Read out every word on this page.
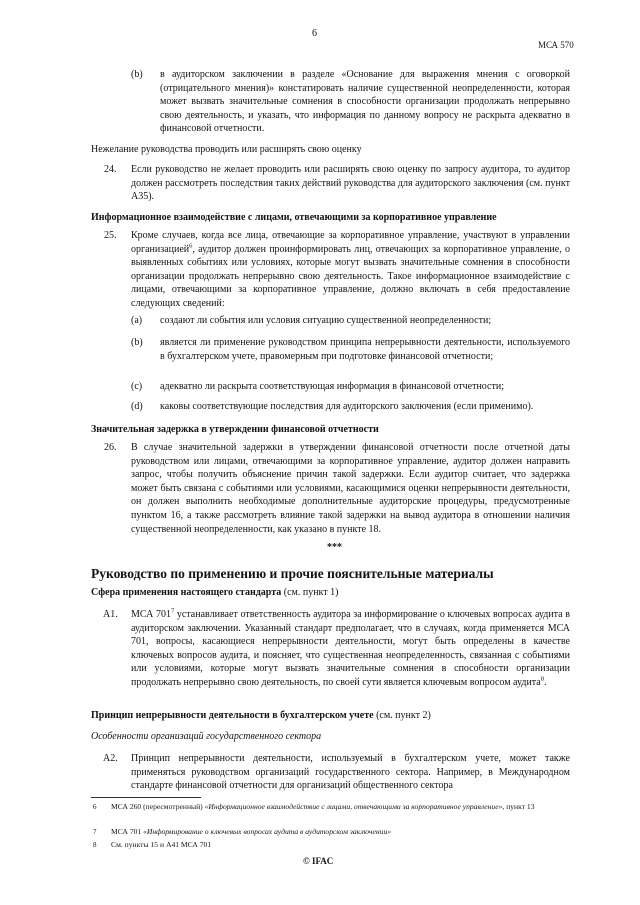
6
МСА 570
(b) в аудиторском заключении в разделе «Основание для выражения мнения с оговоркой (отрицательного мнения)» констатировать наличие существенной неопределенности, которая может вызвать значительные сомнения в способности организации продолжать непрерывно свою деятельность, и указать, что информация по данному вопросу не раскрыта адекватно в финансовой отчетности.
Нежелание руководства проводить или расширять свою оценку
24. Если руководство не желает проводить или расширять свою оценку по запросу аудитора, то аудитор должен рассмотреть последствия таких действий руководства для аудиторского заключения (см. пункт А35).
Информационное взаимодействие с лицами, отвечающими за корпоративное управление
25. Кроме случаев, когда все лица, отвечающие за корпоративное управление, участвуют в управлении организацией$^6$, аудитор должен проинформировать лиц, отвечающих за корпоративное управление, о выявленных событиях или условиях, которые могут вызвать значительные сомнения в способности организации продолжать непрерывно свою деятельность. Такое информационное взаимодействие с лицами, отвечающими за корпоративное управление, должно включать в себя предоставление следующих сведений:
(a) создают ли события или условия ситуацию существенной неопределенности;
(b) является ли применение руководством принципа непрерывности деятельности, используемого в бухгалтерском учете, правомерным при подготовке финансовой отчетности;
(c) адекватно ли раскрыта соответствующая информация в финансовой отчетности;
(d) каковы соответствующие последствия для аудиторского заключения (если применимо).
Значительная задержка в утверждении финансовой отчетности
26. В случае значительной задержки в утверждении финансовой отчетности после отчетной даты руководством или лицами, отвечающими за корпоративное управление, аудитор должен направить запрос, чтобы получить объяснение причин такой задержки. Если аудитор считает, что задержка может быть связана с событиями или условиями, касающимися оценки непрерывности деятельности, он должен выполнить необходимые дополнительные аудиторские процедуры, предусмотренные пунктом 16, а также рассмотреть влияние такой задержки на вывод аудитора в отношении наличия существенной неопределенности, как указано в пункте 18.
***
Руководство по применению и прочие пояснительные материалы
Сфера применения настоящего стандарта (см. пункт 1)
A1. МСА $701^7$ устанавливает ответственность аудитора за информирование о ключевых вопросах аудита в аудиторском заключении. Указанный стандарт предполагает, что в случаях, когда применяется МСА 701, вопросы, касающиеся непрерывности деятельности, могут быть определены в качестве ключевых вопросов аудита, и поясняет, что существенная неопределенность, связанная с событиями или условиями, которые могут вызвать значительные сомнения в способности организации продолжать непрерывно свою деятельность, по своей сути является ключевым вопросом аудита$^8$.
Принцип непрерывности деятельности в бухгалтерском учете (см. пункт 2)
Особенности организаций государственного сектора
A2. Принцип непрерывности деятельности, используемый в бухгалтерском учете, может также применяться руководством организаций государственного сектора. Например, в Международном стандарте финансовой отчетности для организаций общественного сектора
6 МСА 260 (пересмотренный) «Информационное взаимодействие с лицами, отвечающими за корпоративное управление», пункт 13
7 МСА 701 «Информирование о ключевых вопросах аудита в аудиторском заключении»
8 См. пункты 15 и А41 МСА 701
© IFAC
